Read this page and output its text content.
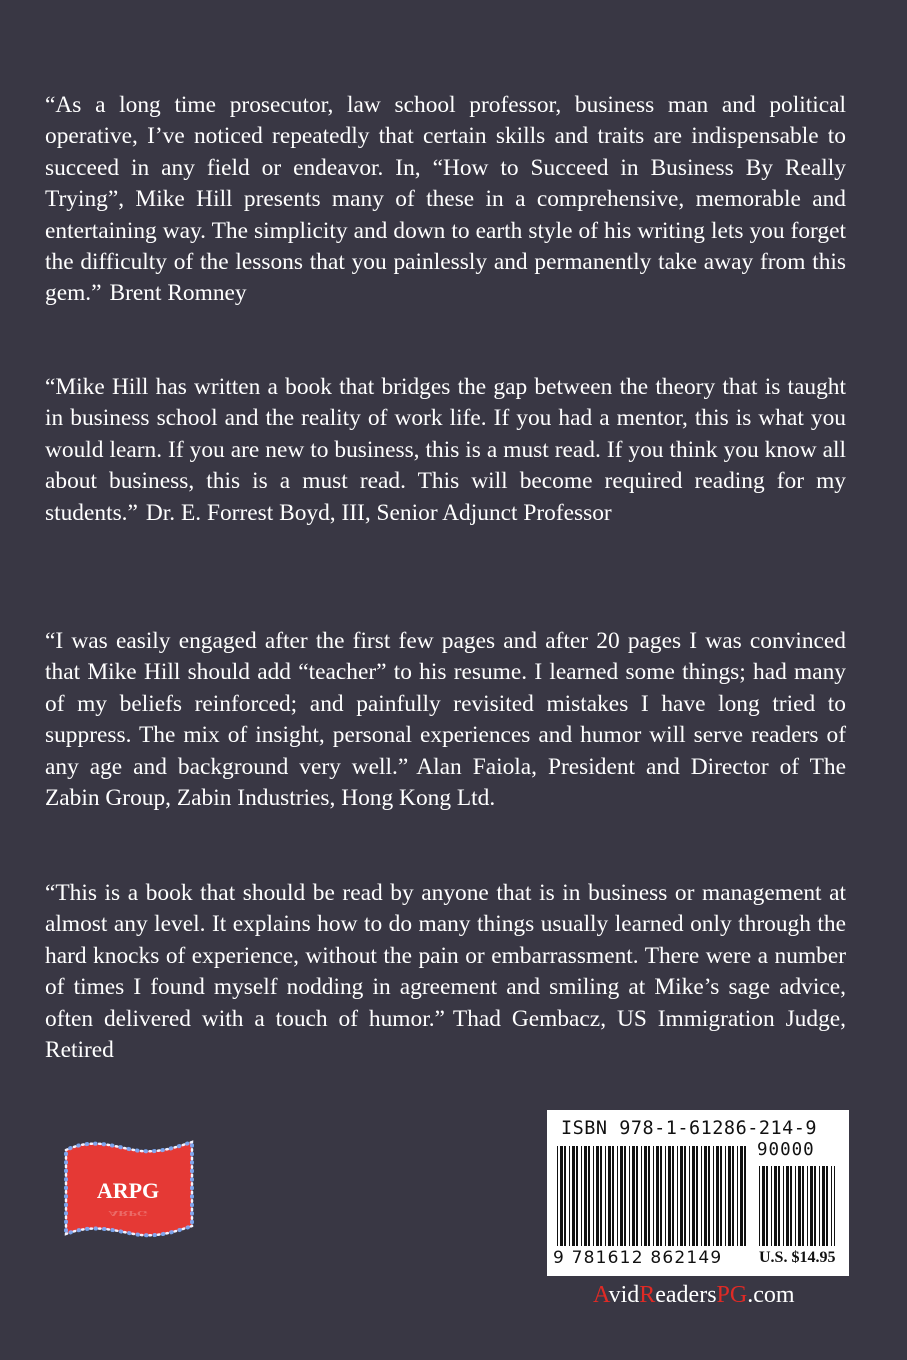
“As a long time prosecutor, law school professor, business man and political operative, I’ve noticed repeatedly that certain skills and traits are indispensable to succeed in any field or endeavor. In, “How to Succeed in Business By Really Trying”, Mike Hill presents many of these in a comprehensive, memorable and entertaining way. The simplicity and down to earth style of his writing lets you forget the difficulty of the lessons that you painlessly and permanently take away from this gem.” Brent Romney

“Mike Hill has written a book that bridges the gap between the theory that is taught in business school and the reality of work life. If you had a mentor, this is what you would learn. If you are new to business, this is a must read. If you think you know all about business, this is a must read. This will become required reading for my students.” Dr. E. Forrest Boyd, III, Senior Adjunct Professor

“I was easily engaged after the first few pages and after 20 pages I was convinced that Mike Hill should add “teacher” to his resume. I learned some things; had many of my beliefs reinforced; and painfully revisited mistakes I have long tried to suppress. The mix of insight, personal experiences and humor will serve readers of any age and background very well.” Alan Faiola, President and Director of The Zabin Group, Zabin Industries, Hong Kong Ltd.

“This is a book that should be read by anyone that is in business or management at almost any level. It explains how to do many things usually learned only through the hard knocks of experience, without the pain or embarrassment. There were a number of times I found myself nodding in agreement and smiling at Mike’s sage advice, often delivered with a touch of humor.” Thad Gembacz, US Immigration Judge, Retired

ARPG
ARPG

ISBN 978-1-61286-214-9

90000
9 781612 862149 U.S. $14.95
AvidReadersPG.com
